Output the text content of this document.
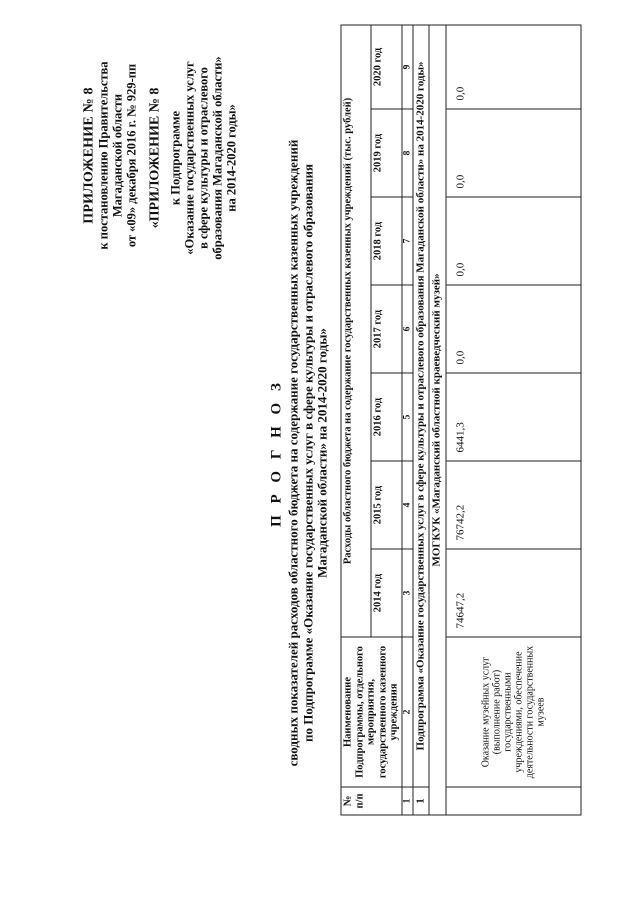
ПРИЛОЖЕНИЕ № 8 к постановлению Правительства Магаданской области от «09» декабря 2016 г. № 929-пп «ПРИЛОЖЕНИЕ № 8 к Подпрограмме «Оказание государственных услуг в сфере культуры и отраслевого образования Магаданской области» на 2014-2020 годы»
П Р О Г Н О З сводных показателей расходов областного бюджета на содержание государственных казенных учреждений по Подпрограмме «Оказание государственных услуг в сфере культуры и отраслевого образования Магаданской области» на 2014-2020 годы»
№ п/п	Наименование Подпрограммы, отдельного мероприятия, государственного казенного учреждения	Расходы областного бюджета на содержание государственных казенных учреждений (тыс. рублей)						
		2014 год	2015 год	2016 год	2017 год	2018 год	2019 год	2020 год
1	2	3	4	5	6	7	8	9
1	Подпрограмма «Оказание государственных услуг в сфере культуры и отраслевого образования Магаданской области» на 2014-2020 годы»							
МОГКУК «Магаданский областной краеведческий музей»								
	Оказание музейных услуг (выполнение работ) государственными учреждениями, обеспечение деятельности государственных музеев	74647,2	76742,2	6441,3	0,0	0,0	0,0	0,0
